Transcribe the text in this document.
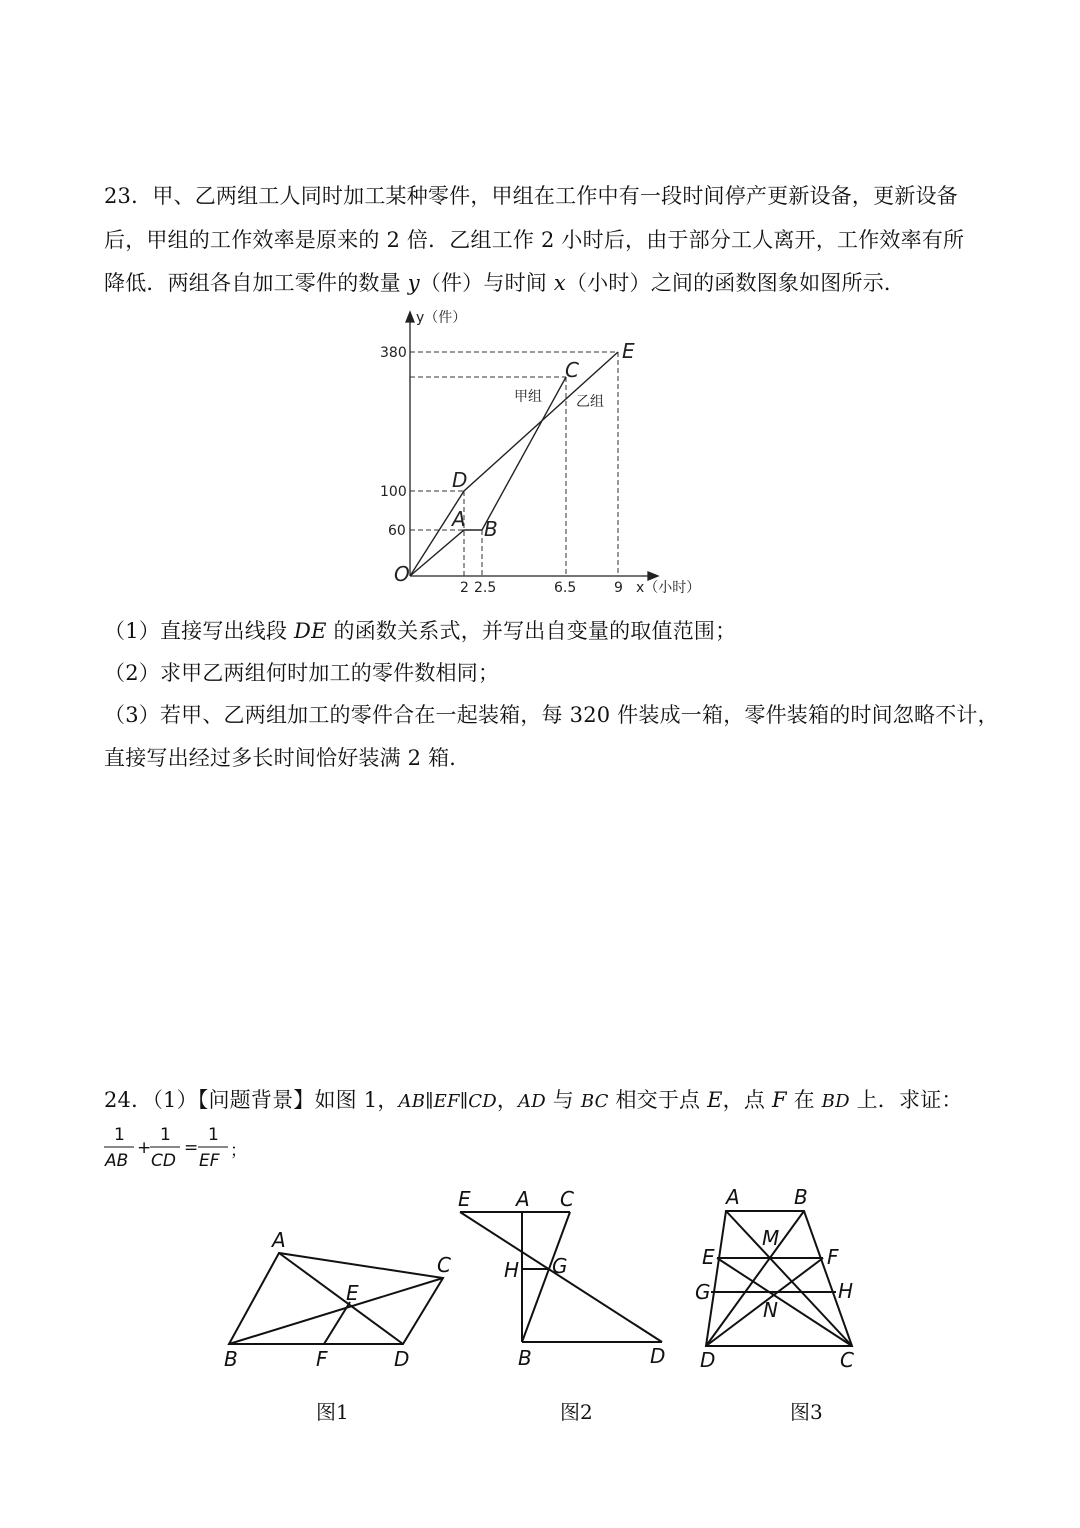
23．甲、乙两组工人同时加工某种零件，甲组在工作中有一段时间停产更新设备，更新设备
后，甲组的工作效率是原来的 2 倍．乙组工作 2 小时后，由于部分工人离开，工作效率有所
降低．两组各自加工零件的数量 y（件）与时间 x（小时）之间的函数图象如图所示．
y（件）
x（小时）
380
100
60
2 2.5	6.5	9
甲组 乙组
O
A B
C
D
E
（1）直接写出线段 DE 的函数关系式，并写出自变量的取值范围；
（2）求甲乙两组何时加工的零件数相同；
（3）若甲、乙两组加工的零件合在一起装箱，每 320 件装成一箱，零件装箱的时间忽略不计，
直接写出经过多长时间恰好装满 2 箱．
24．（1）【问题背景】如图 1，AB∥EF∥CD，AD 与 BC 相交于点 E，点 F 在 BD 上．求证：
1
AB
+
1
CD
=
1
EF ；
A
B
C
D
E
F
E A C
H G
B	D
A	B
M
E	F
G	H
N
D	C
图1	图2	图3
